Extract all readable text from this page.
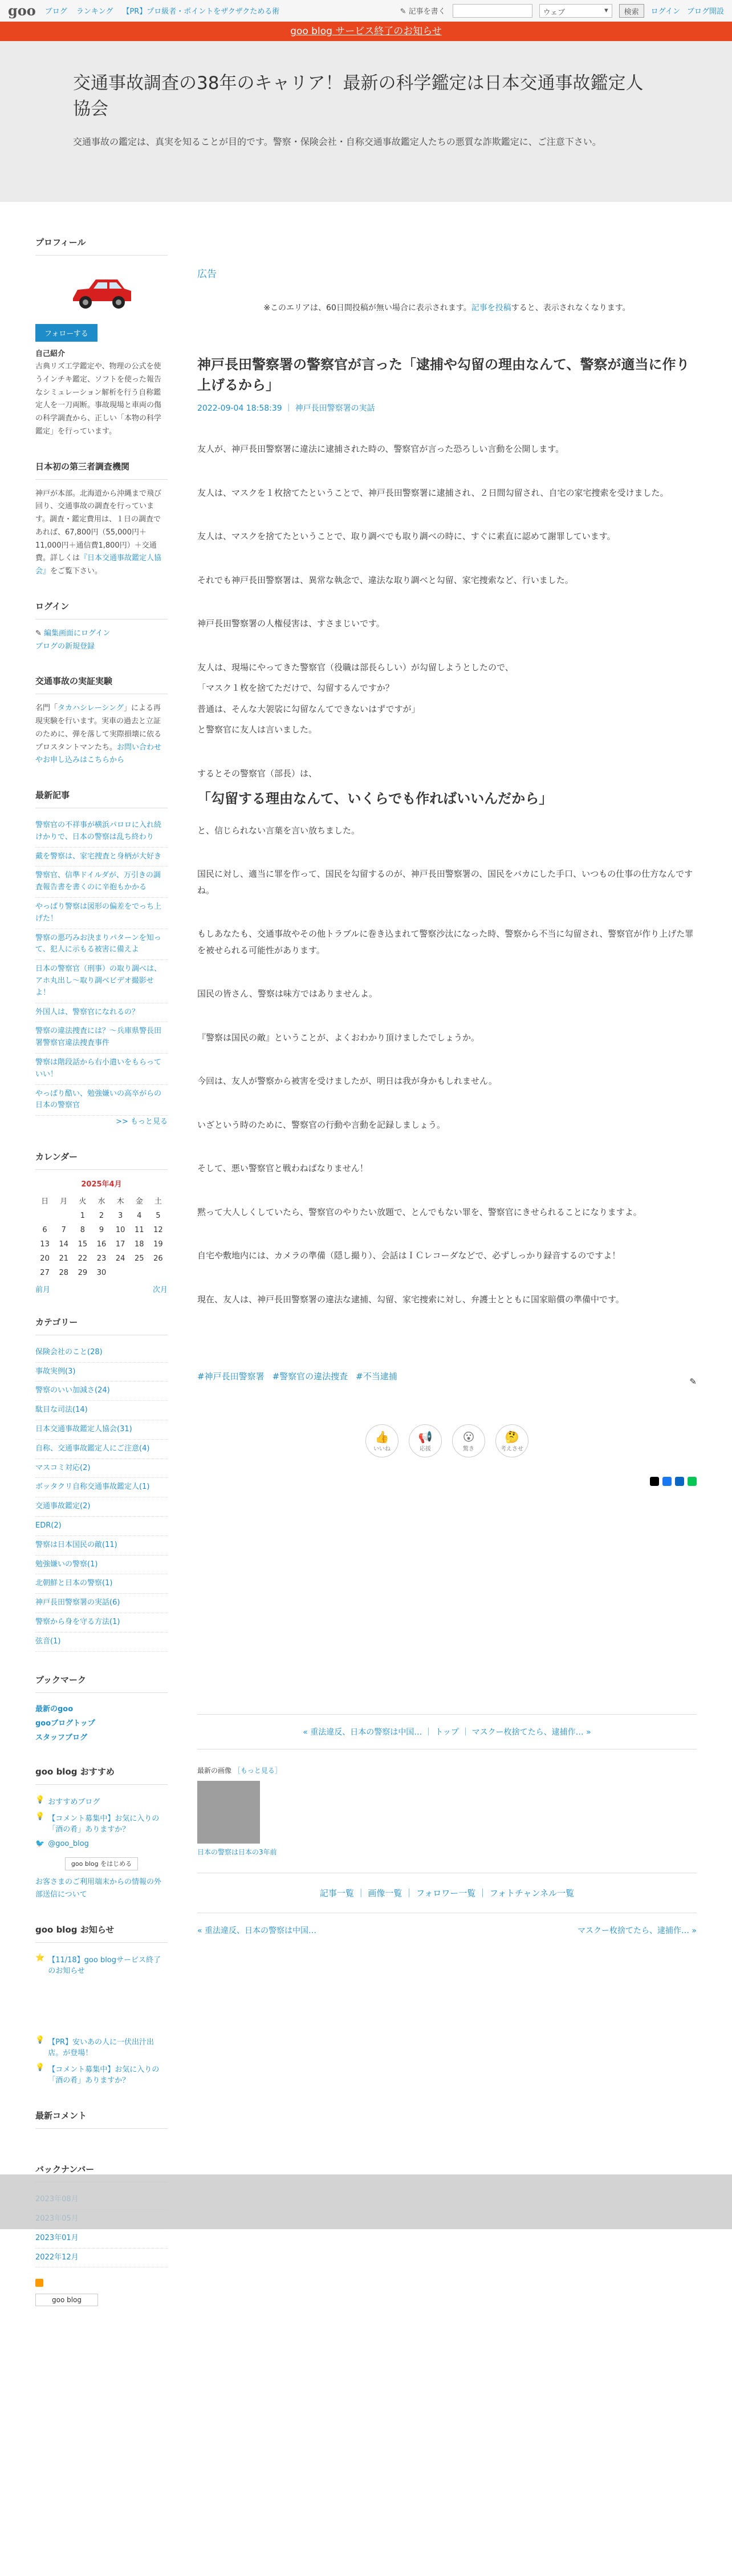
goo ブログ ランキング 【PR】プロ級者・ポイントをザクザクためる術	✎ 記事を書く	ウェブ	▾	検索	ログイン ブログ開設
goo blog サービス終了のお知らせ
交通事故調査の38年のキャリア！最新の科学鑑定は日本交通事故鑑定人協会

交通事故の鑑定は、真実を知ることが目的です。警察・保険会社・自称交通事故鑑定人たちの悪質な詐欺鑑定に、ご注意下さい。

プロフィール
フォローする
自己紹介

古典リズ工学鑑定や、物理の公式を使うインチキ鑑定、ソフトを使った報告なシミュレーション解析を行う自称鑑定人を一刀両断。事故現場と車両の傷の科学調査から、正しい「本物の科学鑑定」を行っています。

日本初の第三者調査機関

神戸が本部。北海道から沖縄まで飛び回り、交通事故の調査を行っています。調査・鑑定費用は、１日の調査であれば、67,800円（55,000円＋11,000円＋通信費1,800円）＋交通費。詳しくは『日本交通事故鑑定人協会』をご覧下さい。

ログイン

✎ 編集画面にログイン

ブログの新規登録

交通事故の実証実験

名門「タカハシレーシング」による再現実験を行います。実車の過去と立証のために、弾を落して実際損壊に依る プロスタントマンたち。お問い合わせやお申し込みはこちらから

最新記事
警察官の不祥事が横浜パロロに入れ続けかりで、日本の警察は乱ち終わり
戴を警察は、家宅捜査と身柄が大好き
警察官、信準ドイルダが、万引きの調査報告書を書くのに辛抱もかかる
やっぱり警察は図形の偏差をでっち上げた！
警察の悪巧みお決まりパターンを知って、犯人に示もる被害に備えよ
日本の警察官（刑事）の取り調べは、アホ丸出し〜取り調べビデオ撮影せよ！
外国人は、警察官になれるの？
警察の違法捜査には？〜兵庫県警長田署警察官違法捜査事件
警察は階段話から右小遣いをもらっていい！
やっぱり酷い、勉強嫌いの高卒がらの日本の警察官

>> もっと見る

カレンダー
2025年4月
日	月	火	水	木	金	土
		1	2	3	4	5
6	7	8	9	10	11	12
13	14	15	16	17	18	19
20	21	22	23	24	25	26
27	28	29	30			
前月	次月
カテゴリー
保険会社のこと(28)
事故実例(3)
警察のいい加減さ(24)
駄目な司法(14)
日本交通事故鑑定人協会(31)
自称、交通事故鑑定人にご注意(4)
マスコミ対応(2)
ボッタクリ自称交通事故鑑定人(1)
交通事故鑑定(2)
EDR(2)
警察は日本国民の敵(11)
勉強嫌いの警察(1)
北朝鮮と日本の警察(1)
神戸長田警察署の実話(6)
警察から身を守る方法(1)
弦音(1)
ブックマーク
最新のgoo
gooブログトップ
スタッフブログ
goo blog おすすめ
💡 おすすめブログ
💡 【コメント募集中】お気に入りの「酒の肴」ありますか？
🐦 @goo_blog
goo blog をはじめる

お客さまのご利用端末からの情報の外部送信について

goo blog お知らせ
⭐ 【11/18】goo blogサービス終了のお知らせ
💡 【PR】安いあの人に一伏出汁出店。が登場！
💡 【コメント募集中】お気に入りの「酒の肴」ありますか？
最新コメント
バックナンバー
2023年01月
2022年12月
goo blog
広告

※このエリアは、60日間投稿が無い場合に表示されます。記事を投稿すると、表示されなくなります。

神戸長田警察署の警察官が言った「逮捕や勾留の理由なんて、警察が適当に作り上げるから」
2022-09-04 18:58:39 ｜ 神戸長田警察署の実話

友人が、神戸長田警察署に違法に逮捕された時の、警察官が言った恐ろしい言動を公開します。

友人は、マスクを１枚捨てたということで、神戸長田警察署に逮捕され、２日間勾留され、自宅の家宅捜索を受けました。

友人は、マスクを捨てたということで、取り調べでも取り調べの時に、すぐに素直に認めて謝罪しています。

それでも神戸長田警察署は、異常な執念で、違法な取り調べと勾留、家宅捜索など、行いました。

神戸長田警察署の人権侵害は、すさまじいです。

友人は、現場にやってきた警察官（役職は部長らしい）が勾留しようとしたので、

「マスク１枚を捨てただけで、勾留するんですか？

普通は、そんな大袈裟に勾留なんてできないはずですが」

と警察官に友人は言いました。

するとその警察官（部長）は、

「勾留する理由なんて、いくらでも作ればいいんだから」

と、信じられない言葉を言い放ちました。

国民に対し、適当に罪を作って、国民を勾留するのが、神戸長田警察署の、国民をバカにした手口、いつもの仕事の仕方なんですね。

もしあなたも、交通事故やその他トラブルに巻き込まれて警察沙汰になった時、警察から不当に勾留され、警察官が作り上げた罪を被せられる可能性があります。

国民の皆さん、警察は味方ではありませんよ。

『警察は国民の敵』ということが、よくおわかり頂けましたでしょうか。

今回は、友人が警察から被害を受けましたが、明日は我が身かもしれません。

いざという時のために、警察官の行動や言動を記録しましょう。

そして、悪い警察官と戦わねばなりません！

黙って大人しくしていたら、警察官のやりたい放題で、とんでもない罪を、警察官にきせられることになりますよ。

自宅や敷地内には、カメラの準備（隠し撮り）、会話はＩＣレコーダなどで、必ずしっかり録音するのですよ！

現在、友人は、神戸長田警察署の違法な逮捕、勾留、家宅捜索に対し、弁護士とともに国家賠償の準備中です。

#神戸長田警察署 #警察官の違法捜査 #不当逮捕	✎
👍
いいね
📢
応援
😮
驚き
🤔
考えさせ
« 重法違反、日本の警察は中国… ｜ トップ ｜ マスクー枚捨てたら、逮捕作… »
最新の画像 ［もっと見る］
日本の警察は日本の3年前
記事一覧 ｜ 画像一覧 ｜ フォロワー一覧 ｜ フォトチャンネル一覧
« 重法違反、日本の警察は中国…	マスクー枚捨てたら、逮捕作… »
